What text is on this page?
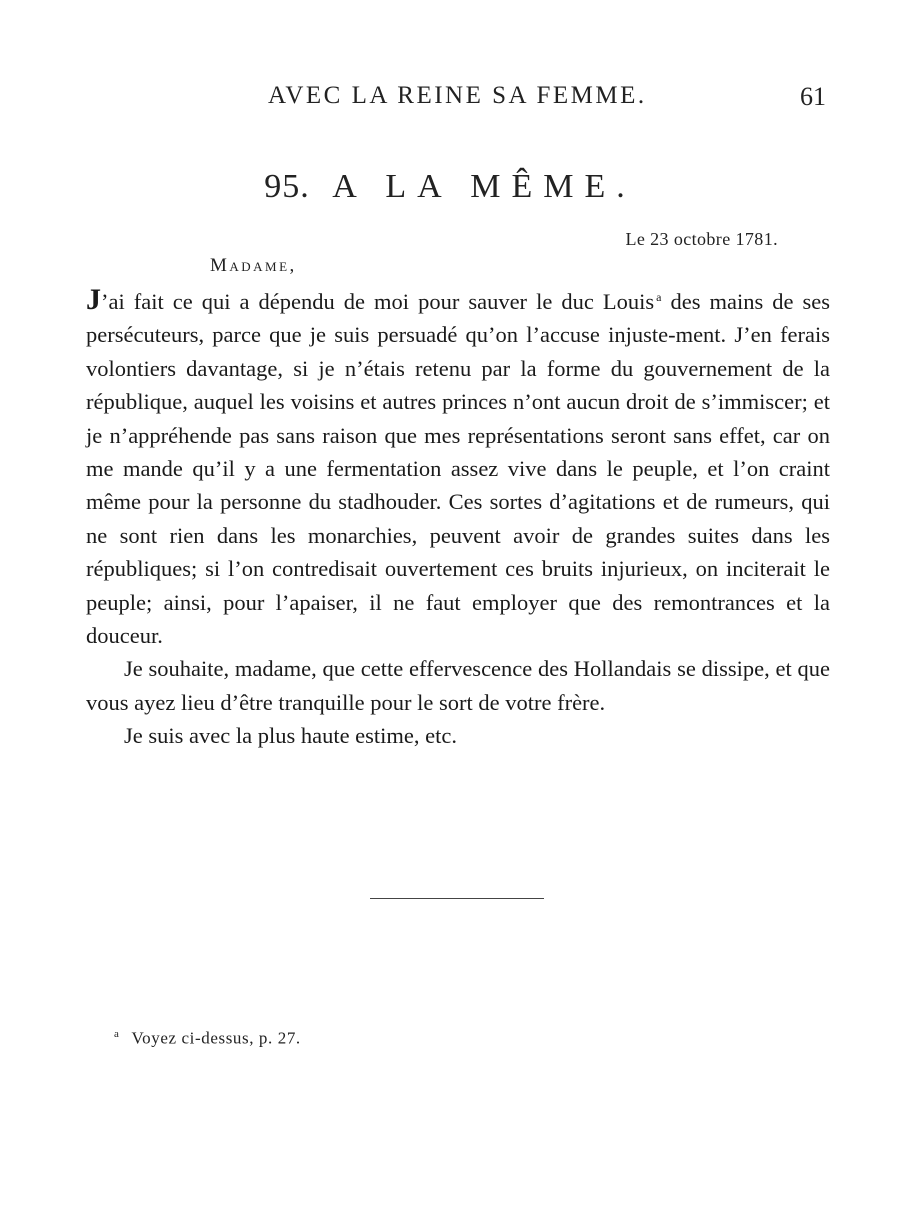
AVEC LA REINE SA FEMME.	61
95. A LA MÊME.
Le 23 octobre 1781.
Madame,

J’ai fait ce qui a dépendu de moi pour sauver le duc Louis $^a$ des mains de ses persécuteurs, parce que je suis persuadé qu’on l’accuse injuste-ment. J’en ferais volontiers davantage, si je n’étais retenu par la forme du gouvernement de la république, auquel les voisins et autres princes n’ont aucun droit de s’immiscer; et je n’appréhende pas sans raison que mes représentations seront sans effet, car on me mande qu’il y a une fermentation assez vive dans le peuple, et l’on craint même pour la personne du stadhouder. Ces sortes d’agitations et de rumeurs, qui ne sont rien dans les monarchies, peuvent avoir de grandes suites dans les républiques; si l’on contredisait ouvertement ces bruits injurieux, on inciterait le peuple; ainsi, pour l’apaiser, il ne faut employer que des remontrances et la douceur.

Je souhaite, madame, que cette effervescence des Hollandais se dissipe, et que vous ayez lieu d’être tranquille pour le sort de votre frère.

Je suis avec la plus haute estime, etc.

$^a$ Voyez ci-dessus, p. 27.
